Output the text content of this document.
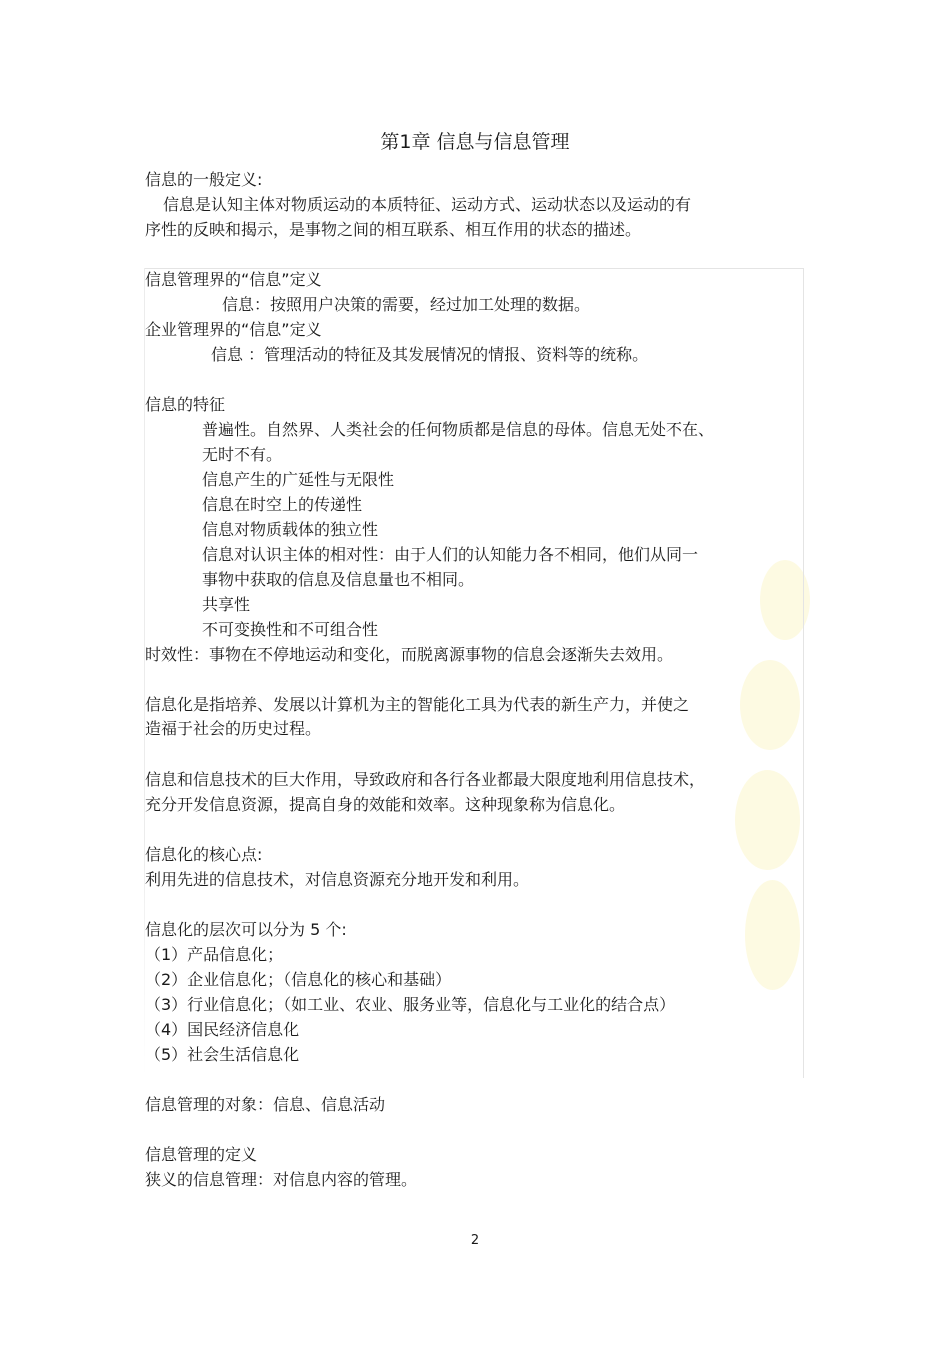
第1章 信息与信息管理
信息的一般定义:
信息是认知主体对物质运动的本质特征、运动方式、运动状态以及运动的有
序性的反映和揭示，是事物之间的相互联系、相互作用的状态的描述。
信息管理界的“信息”定义
信息：按照用户决策的需要，经过加工处理的数据。
企业管理界的“信息”定义
信息 ：管理活动的特征及其发展情况的情报、资料等的统称。
信息的特征
普遍性。自然界、人类社会的任何物质都是信息的母体。信息无处不在、
无时不有。
信息产生的广延性与无限性
信息在时空上的传递性
信息对物质载体的独立性
信息对认识主体的相对性：由于人们的认知能力各不相同，他们从同一
事物中获取的信息及信息量也不相同。
共享性
不可变换性和不可组合性
时效性：事物在不停地运动和变化，而脱离源事物的信息会逐渐失去效用。
信息化是指培养、发展以计算机为主的智能化工具为代表的新生产力，并使之
造福于社会的历史过程。
信息和信息技术的巨大作用，导致政府和各行各业都最大限度地利用信息技术，
充分开发信息资源，提高自身的效能和效率。这种现象称为信息化。
信息化的核心点:
利用先进的信息技术，对信息资源充分地开发和利用。
信息化的层次可以分为 5 个:
（1）产品信息化；
（2）企业信息化；（信息化的核心和基础）
（3）行业信息化；（如工业、农业、服务业等，信息化与工业化的结合点）
（4）国民经济信息化
（5）社会生活信息化
信息管理的对象：信息、信息活动
信息管理的定义
狭义的信息管理：对信息内容的管理。
2
